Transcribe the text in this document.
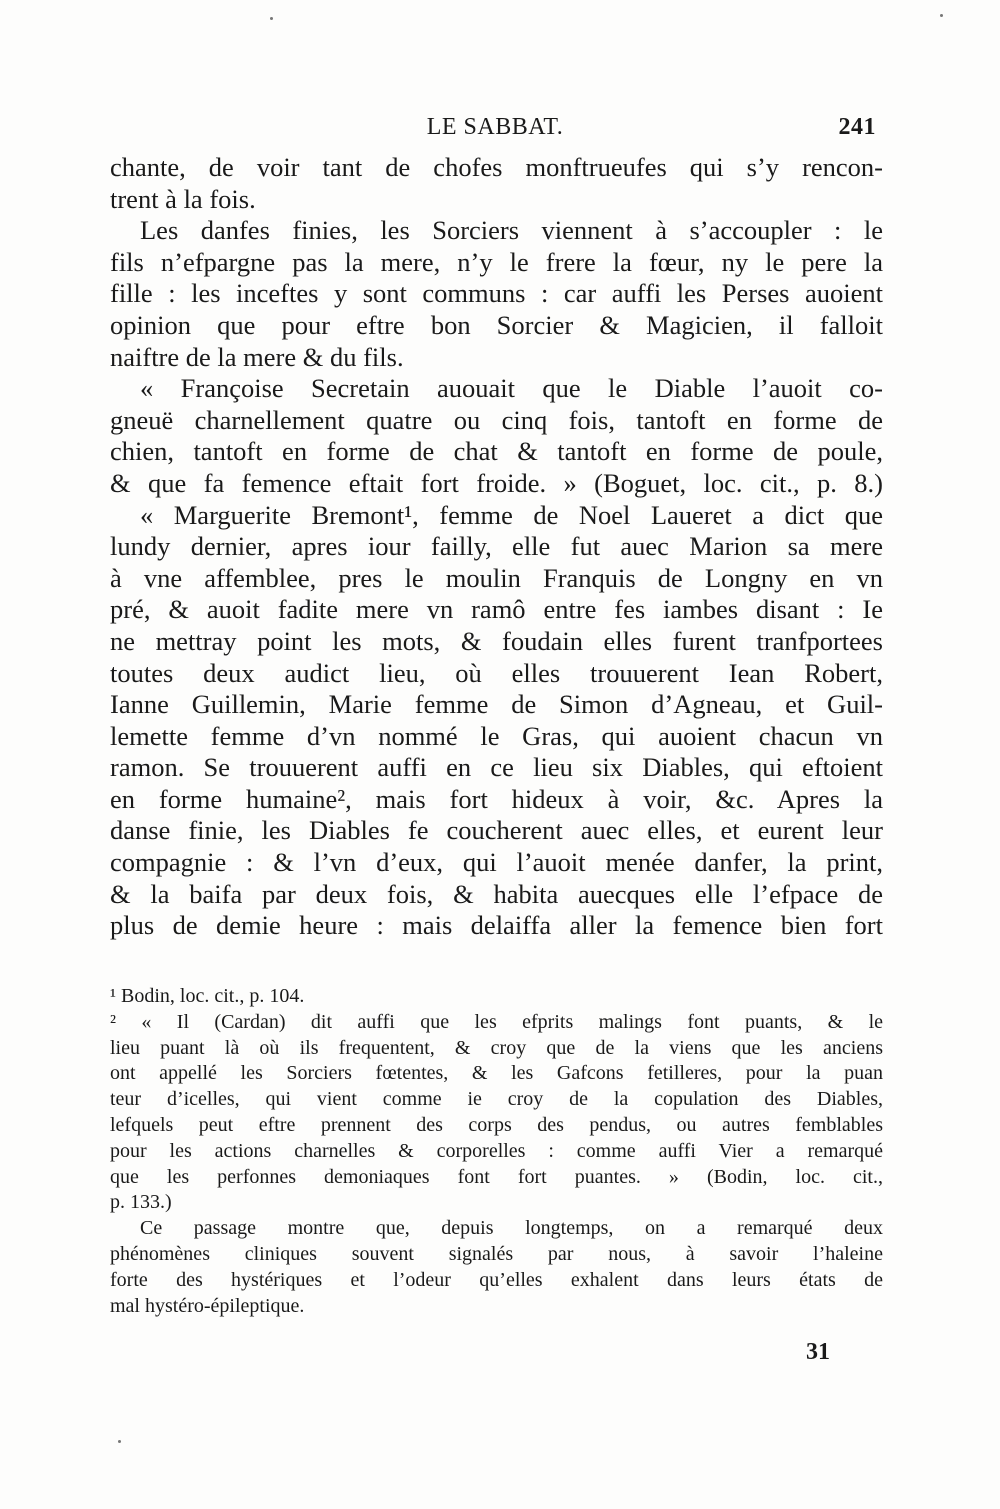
LE SABBAT.	241
chante, de voir tant de chofes monftrueufes qui s’y rencon-
trent à la fois.
Les danfes finies, les Sorciers viennent à s’accoupler : le
fils n’efpargne pas la mere, n’y le frere la fœur, ny le pere la
fille : les inceftes y sont communs : car auffi les Perses auoient
opinion que pour eftre bon Sorcier & Magicien, il falloit
naiftre de la mere & du fils.
« Françoise Secretain auouait que le Diable l’auoit co-
gneuë charnellement quatre ou cinq fois, tantoft en forme de
chien, tantoft en forme de chat & tantoft en forme de poule,
& que fa femence eftait fort froide. » (Boguet, loc. cit., p. 8.)
« Marguerite Bremont¹, femme de Noel Laueret a dict que
lundy dernier, apres iour failly, elle fut auec Marion sa mere
à vne affemblee, pres le moulin Franquis de Longny en vn
pré, & auoit fadite mere vn ramô entre fes iambes disant : Ie
ne mettray point les mots, & foudain elles furent tranfportees
toutes deux audict lieu, où elles trouuerent Iean Robert,
Ianne Guillemin, Marie femme de Simon d’Agneau, et Guil-
lemette femme d’vn nommé le Gras, qui auoient chacun vn
ramon. Se trouuerent auffi en ce lieu six Diables, qui eftoient
en forme humaine², mais fort hideux à voir, &c. Apres la
danse finie, les Diables fe coucherent auec elles, et eurent leur
compagnie : & l’vn d’eux, qui l’auoit menée danfer, la print,
& la baifa par deux fois, & habita auecques elle l’efpace de
plus de demie heure : mais delaiffa aller la femence bien fort
¹ Bodin, loc. cit., p. 104.
² « Il (Cardan) dit auffi que les efprits malings font puants, & le
lieu puant là où ils frequentent, & croy que de la viens que les anciens
ont appellé les Sorciers fœtentes, & les Gafcons fetilleres, pour la puan
teur d’icelles, qui vient comme ie croy de la copulation des Diables,
lefquels peut eftre prennent des corps des pendus, ou autres femblables
pour les actions charnelles & corporelles : comme auffi Vier a remarqué
que les perfonnes demoniaques font fort puantes. » (Bodin, loc. cit.,
p. 133.)
Ce passage montre que, depuis longtemps, on a remarqué deux
phénomènes cliniques souvent signalés par nous, à savoir l’haleine
forte des hystériques et l’odeur qu’elles exhalent dans leurs états de
mal hystéro-épileptique.
31
